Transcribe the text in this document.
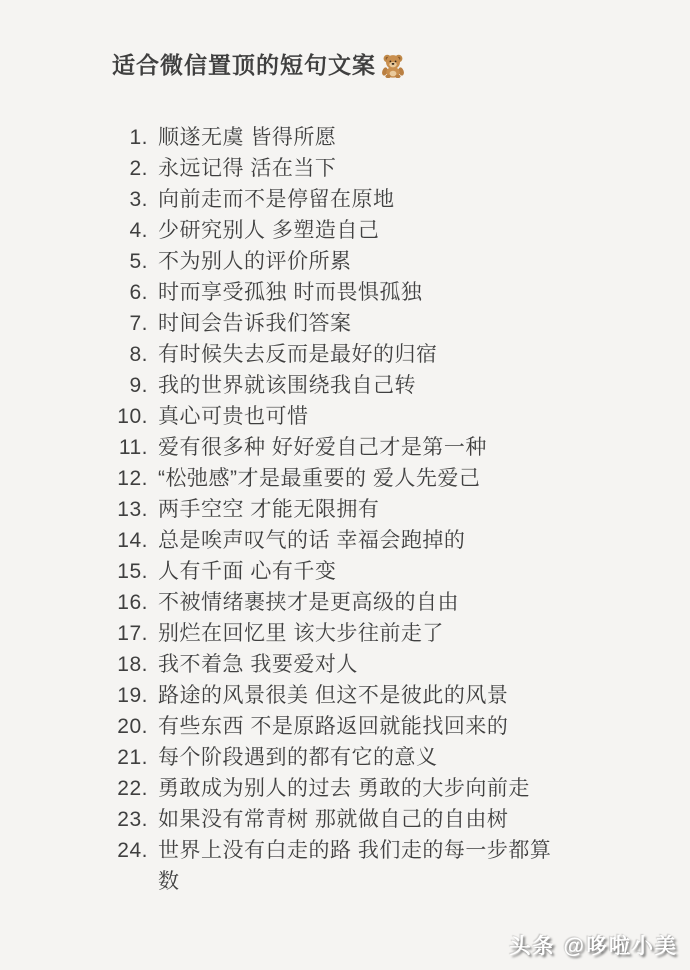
适合微信置顶的短句文案
1. 顺遂无虞 皆得所愿
2. 永远记得 活在当下
3. 向前走而不是停留在原地
4. 少研究别人 多塑造自己
5. 不为别人的评价所累
6. 时而享受孤独 时而畏惧孤独
7. 时间会告诉我们答案
8. 有时候失去反而是最好的归宿
9. 我的世界就该围绕我自己转
10. 真心可贵也可惜
11. 爱有很多种 好好爱自己才是第一种
12. “松弛感”才是最重要的 爱人先爱己
13. 两手空空 才能无限拥有
14. 总是唉声叹气的话 幸福会跑掉的
15. 人有千面 心有千变
16. 不被情绪裹挟才是更高级的自由
17. 别烂在回忆里 该大步往前走了
18. 我不着急 我要爱对人
19. 路途的风景很美 但这不是彼此的风景
20. 有些东西 不是原路返回就能找回来的
21. 每个阶段遇到的都有它的意义
22. 勇敢成为别人的过去 勇敢的大步向前走
23. 如果没有常青树 那就做自己的自由树
24. 世界上没有白走的路 我们走的每一步都算数
头条 @哆啦小美
